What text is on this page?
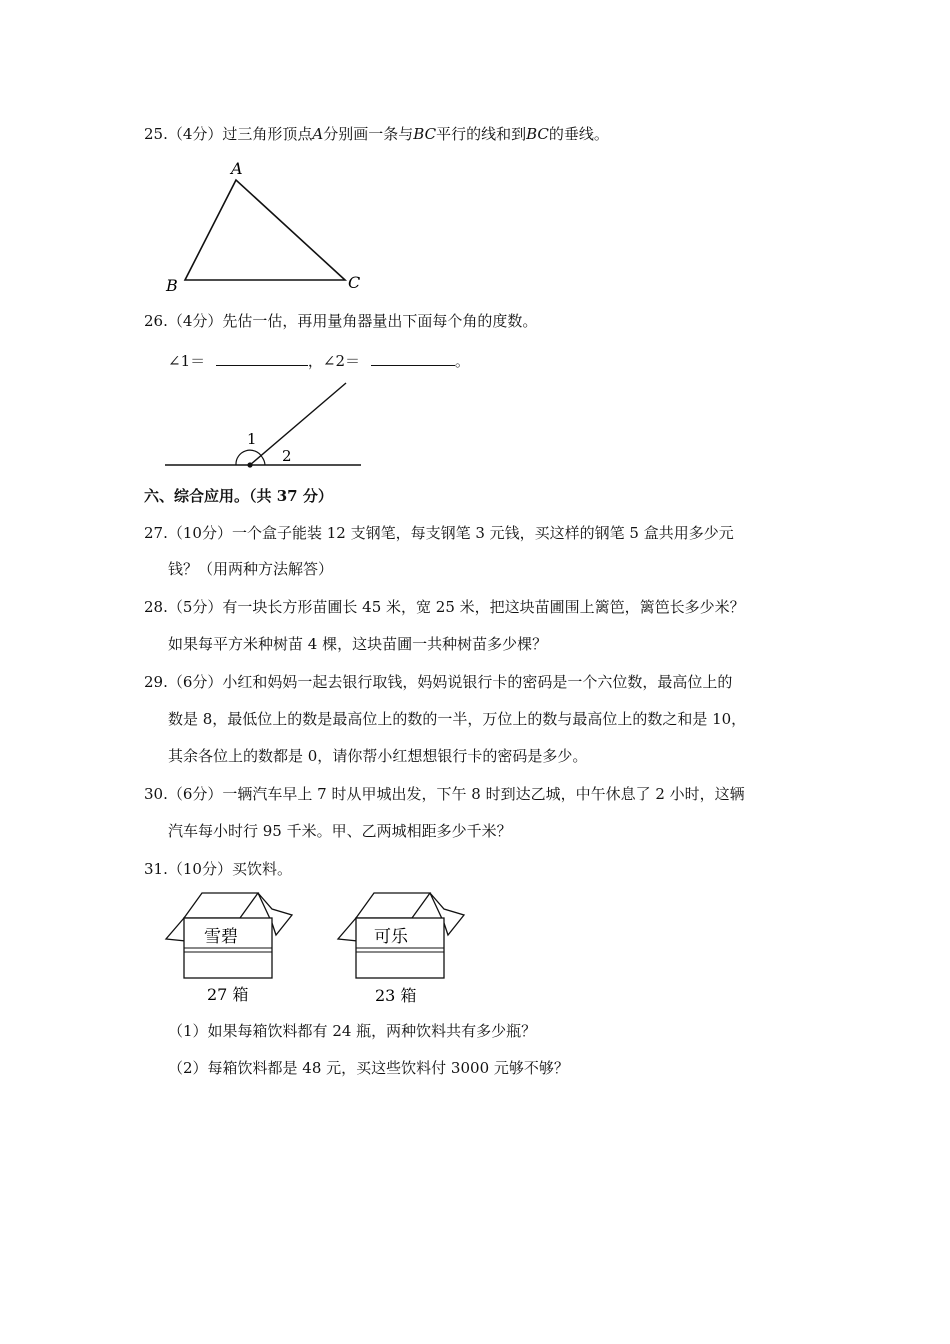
25.（4分）过三角形顶点A分别画一条与BC平行的线和到BC的垂线。
A
B	C
26.（4分）先估一估，再用量角器量出下面每个角的度数。
∠1＝	，∠2＝	。
1
2
六、综合应用。（共 37 分）
27.（10分）一个盒子能装 12 支钢笔，每支钢笔 3 元钱，买这样的钢笔 5 盒共用多少元
钱？（用两种方法解答）
28.（5分）有一块长方形苗圃长 45 米，宽 25 米，把这块苗圃围上篱笆，篱笆长多少米？
如果每平方米种树苗 4 棵，这块苗圃一共种树苗多少棵？
29.（6分）小红和妈妈一起去银行取钱，妈妈说银行卡的密码是一个六位数，最高位上的
数是 8，最低位上的数是最高位上的数的一半，万位上的数与最高位上的数之和是 10，
其余各位上的数都是 0，请你帮小红想想银行卡的密码是多少。
30.（6分）一辆汽车早上 7 时从甲城出发，下午 8 时到达乙城，中午休息了 2 小时，这辆
汽车每小时行 95 千米。甲、乙两城相距多少千米？
31.（10分）买饮料。
雪碧
27 箱
可乐
23 箱
（1）如果每箱饮料都有 24 瓶，两种饮料共有多少瓶？
（2）每箱饮料都是 48 元，买这些饮料付 3000 元够不够？
